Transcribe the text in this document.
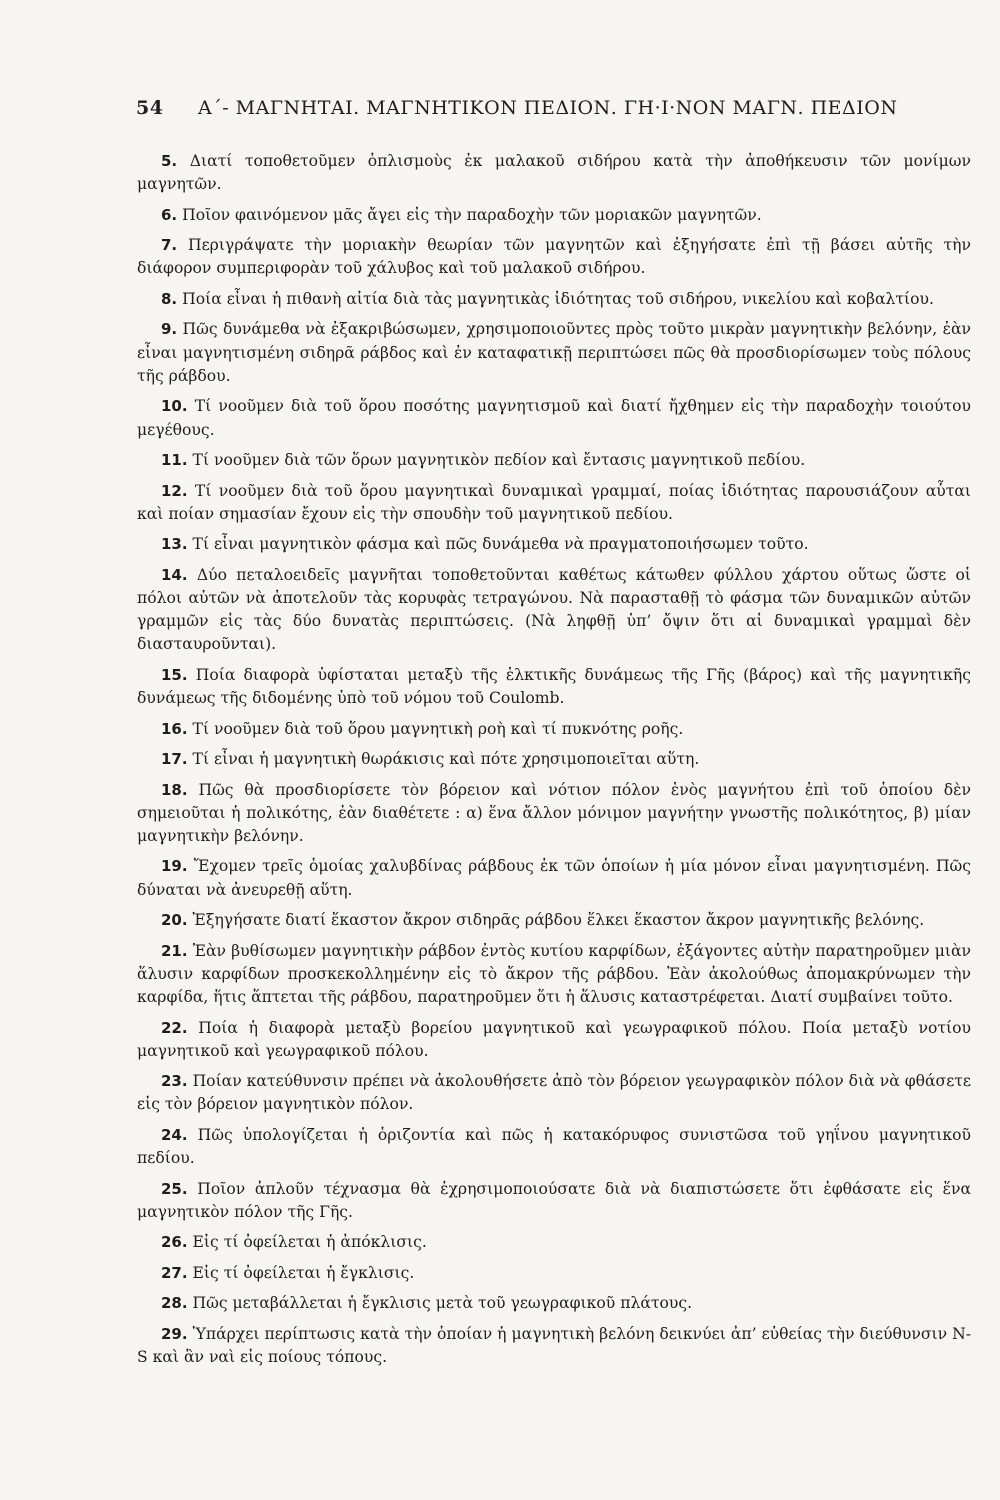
54 Α΄- ΜΑΓΝΗΤΑΙ. ΜΑΓΝΗΤΙΚΟΝ ΠΕΔΙΟΝ. ΓΗ·Ι·ΝΟΝ ΜΑΓΝ. ΠΕΔΙΟΝ
5. Διατί τοποθετοῦμεν ὁπλισμοὺς ἐκ μαλακοῦ σιδήρου κατὰ τὴν ἀποθήκευσιν τῶν μονίμων μαγνητῶν.
6. Ποῖον φαινόμενον μᾶς ἄγει εἰς τὴν παραδοχὴν τῶν μοριακῶν μαγνητῶν.
7. Περιγράψατε τὴν μοριακὴν θεωρίαν τῶν μαγνητῶν καὶ ἐξηγήσατε ἐπὶ τῇ βάσει αὐτῆς τὴν διάφορον συμπεριφορὰν τοῦ χάλυβος καὶ τοῦ μαλακοῦ σιδήρου.
8. Ποία εἶναι ἡ πιθανὴ αἰτία διὰ τὰς μαγνητικὰς ἰδιότητας τοῦ σιδήρου, νικελίου καὶ κοβαλτίου.
9. Πῶς δυνάμεθα νὰ ἐξακριβώσωμεν, χρησιμοποιοῦντες πρὸς τοῦτο μικρὰν μαγνητικὴν βελόνην, ἐὰν εἶναι μαγνητισμένη σιδηρᾶ ράβδος καὶ ἐν καταφατικῇ περιπτώσει πῶς θὰ προσδιορίσωμεν τοὺς πόλους τῆς ράβδου.
10. Τί νοοῦμεν διὰ τοῦ ὅρου ποσότης μαγνητισμοῦ καὶ διατί ἤχθημεν εἰς τὴν παραδοχὴν τοιούτου μεγέθους.
11. Τί νοοῦμεν διὰ τῶν ὅρων μαγνητικὸν πεδίον καὶ ἔντασις μαγνητικοῦ πεδίου.
12. Τί νοοῦμεν διὰ τοῦ ὅρου μαγνητικαὶ δυναμικαὶ γραμμαί, ποίας ἰδιότητας παρουσιάζουν αὗται καὶ ποίαν σημασίαν ἔχουν εἰς τὴν σπουδὴν τοῦ μαγνητικοῦ πεδίου.
13. Τί εἶναι μαγνητικὸν φάσμα καὶ πῶς δυνάμεθα νὰ πραγματοποιήσωμεν τοῦτο.
14. Δύο πεταλοειδεῖς μαγνῆται τοποθετοῦνται καθέτως κάτωθεν φύλλου χάρτου οὕτως ὥστε οἱ πόλοι αὐτῶν νὰ ἀποτελοῦν τὰς κορυφὰς τετραγώνου. Νὰ παρασταθῇ τὸ φάσμα τῶν δυναμικῶν αὐτῶν γραμμῶν εἰς τὰς δύο δυνατὰς περιπτώσεις. (Νὰ ληφθῇ ὑπ’ ὄψιν ὅτι αἱ δυναμικαὶ γραμμαὶ δὲν διασταυροῦνται).
15. Ποία διαφορὰ ὑφίσταται μεταξὺ τῆς ἑλκτικῆς δυνάμεως τῆς Γῆς (βάρος) καὶ τῆς μαγνητικῆς δυνάμεως τῆς διδομένης ὑπὸ τοῦ νόμου τοῦ Coulomb.
16. Τί νοοῦμεν διὰ τοῦ ὅρου μαγνητικὴ ροὴ καὶ τί πυκνότης ροῆς.
17. Τί εἶναι ἡ μαγνητικὴ θωράκισις καὶ πότε χρησιμοποιεῖται αὕτη.
18. Πῶς θὰ προσδιορίσετε τὸν βόρειον καὶ νότιον πόλον ἑνὸς μαγνήτου ἐπὶ τοῦ ὁποίου δὲν σημειοῦται ἡ πολικότης, ἐὰν διαθέτετε : α) ἕνα ἄλλον μόνιμον μαγνήτην γνωστῆς πολικότητος, β) μίαν μαγνητικὴν βελόνην.
19. Ἔχομεν τρεῖς ὁμοίας χαλυβδίνας ράβδους ἐκ τῶν ὁποίων ἡ μία μόνον εἶναι μαγνητισμένη. Πῶς δύναται νὰ ἀνευρεθῇ αὕτη.
20. Ἐξηγήσατε διατί ἕκαστον ἄκρον σιδηρᾶς ράβδου ἕλκει ἕκαστον ἄκρον μαγνητικῆς βελόνης.
21. Ἐὰν βυθίσωμεν μαγνητικὴν ράβδον ἐντὸς κυτίου καρφίδων, ἐξάγοντες αὐτὴν παρατηροῦμεν μιὰν ἅλυσιν καρφίδων προσκεκολλημένην εἰς τὸ ἄκρον τῆς ράβδου. Ἐὰν ἀκολούθως ἀπομακρύνωμεν τὴν καρφίδα, ἥτις ἅπτεται τῆς ράβδου, παρατηροῦμεν ὅτι ἡ ἅλυσις καταστρέφεται. Διατί συμβαίνει τοῦτο.
22. Ποία ἡ διαφορὰ μεταξὺ βορείου μαγνητικοῦ καὶ γεωγραφικοῦ πόλου. Ποία μεταξὺ νοτίου μαγνητικοῦ καὶ γεωγραφικοῦ πόλου.
23. Ποίαν κατεύθυνσιν πρέπει νὰ ἀκολουθήσετε ἀπὸ τὸν βόρειον γεωγραφικὸν πόλον διὰ νὰ φθάσετε εἰς τὸν βόρειον μαγνητικὸν πόλον.
24. Πῶς ὑπολογίζεται ἡ ὁριζοντία καὶ πῶς ἡ κατακόρυφος συνιστῶσα τοῦ γηΐνου μαγνητικοῦ πεδίου.
25. Ποῖον ἁπλοῦν τέχνασμα θὰ ἐχρησιμοποιούσατε διὰ νὰ διαπιστώσετε ὅτι ἐφθάσατε εἰς ἕνα μαγνητικὸν πόλον τῆς Γῆς.
26. Εἰς τί ὀφείλεται ἡ ἀπόκλισις.
27. Εἰς τί ὀφείλεται ἡ ἔγκλισις.
28. Πῶς μεταβάλλεται ἡ ἔγκλισις μετὰ τοῦ γεωγραφικοῦ πλάτους.
29. Ὑπάρχει περίπτωσις κατὰ τὴν ὁποίαν ἡ μαγνητικὴ βελόνη δεικνύει ἀπ’ εὐθείας τὴν διεύθυνσιν N-S καὶ ἂν ναὶ εἰς ποίους τόπους.
